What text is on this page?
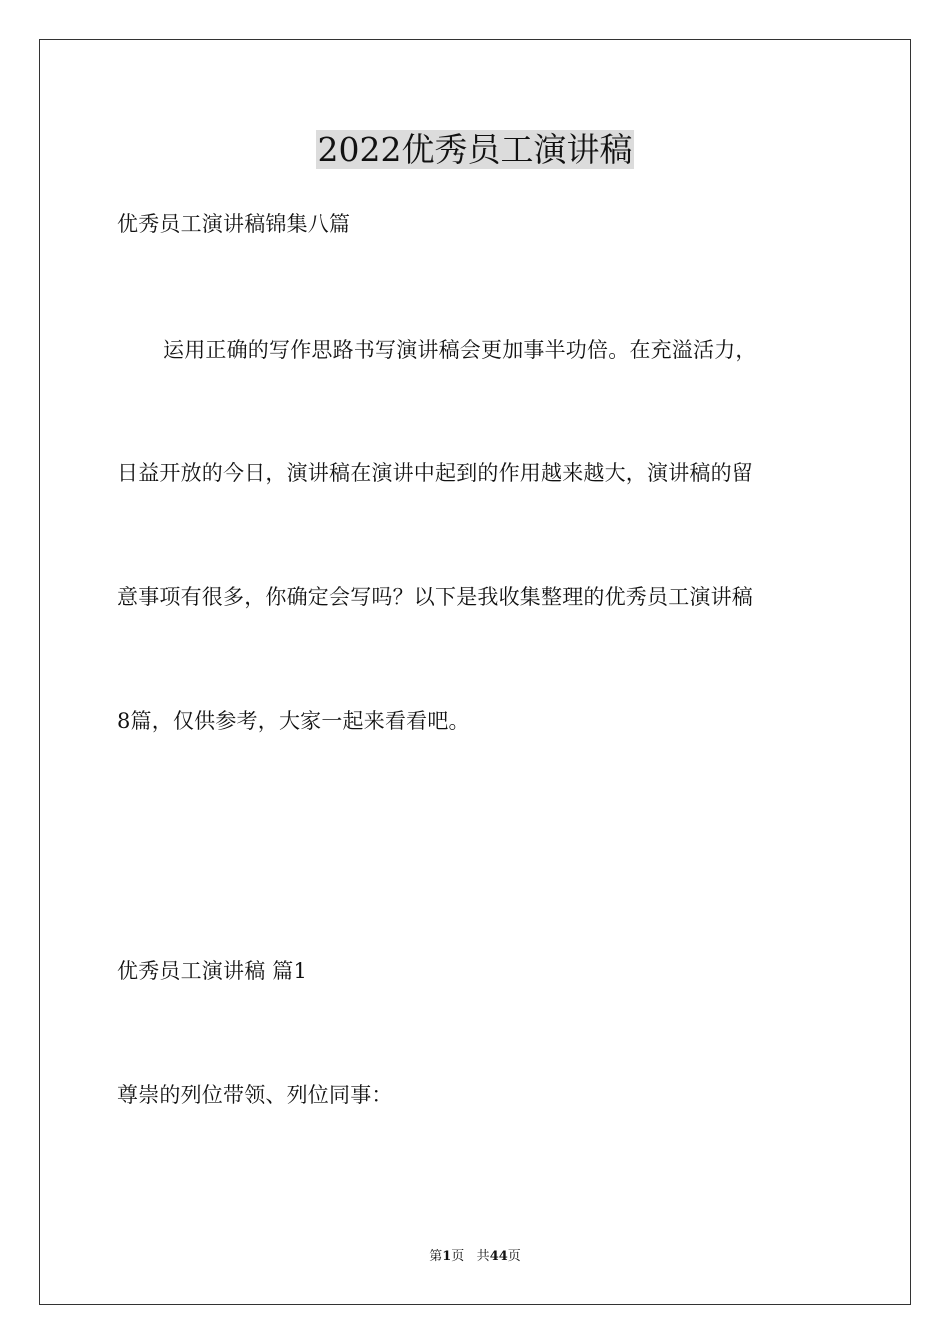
2022优秀员工演讲稿

优秀员工演讲稿锦集八篇

运用正确的写作思路书写演讲稿会更加事半功倍。在充溢活力，

日益开放的今日，演讲稿在演讲中起到的作用越来越大，演讲稿的留

意事项有很多，你确定会写吗？以下是我收集整理的优秀员工演讲稿

8篇，仅供参考，大家一起来看看吧。

优秀员工演讲稿 篇1

尊崇的列位带领、列位同事：

第1页 共44页
